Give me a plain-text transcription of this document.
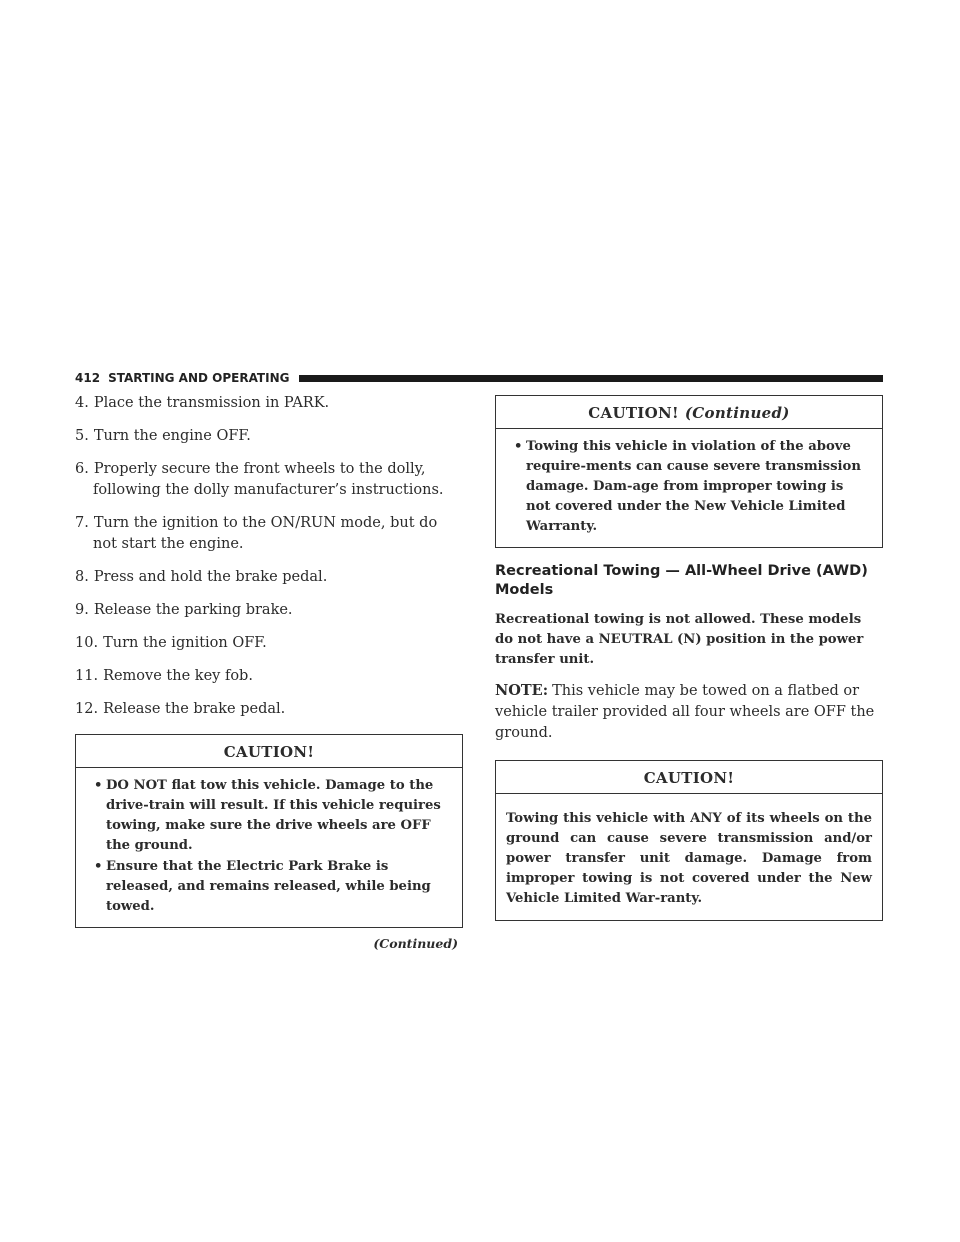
412 STARTING AND OPERATING
4. Place the transmission in PARK.
5. Turn the engine OFF.
6. Properly secure the front wheels to the dolly, following the dolly manufacturer’s instructions.
7. Turn the ignition to the ON/RUN mode, but do not start the engine.
8. Press and hold the brake pedal.
9. Release the parking brake.
10. Turn the ignition OFF.
11. Remove the key fob.
12. Release the brake pedal.
CAUTION!
• DO NOT flat tow this vehicle. Damage to the drive-train will result. If this vehicle requires towing, make sure the drive wheels are OFF the ground.
• Ensure that the Electric Park Brake is released, and remains released, while being towed.
(Continued)
CAUTION! (Continued)
• Towing this vehicle in violation of the above require-ments can cause severe transmission damage. Dam-age from improper towing is not covered under the New Vehicle Limited Warranty.
Recreational Towing — All-Wheel Drive (AWD) Models

Recreational towing is not allowed. These models do not have a NEUTRAL (N) position in the power transfer unit.

NOTE: This vehicle may be towed on a flatbed or vehicle trailer provided all four wheels are OFF the ground.

CAUTION!

Towing this vehicle with ANY of its wheels on the ground can cause severe transmission and/or power transfer unit damage. Damage from improper towing is not covered under the New Vehicle Limited War-ranty.
